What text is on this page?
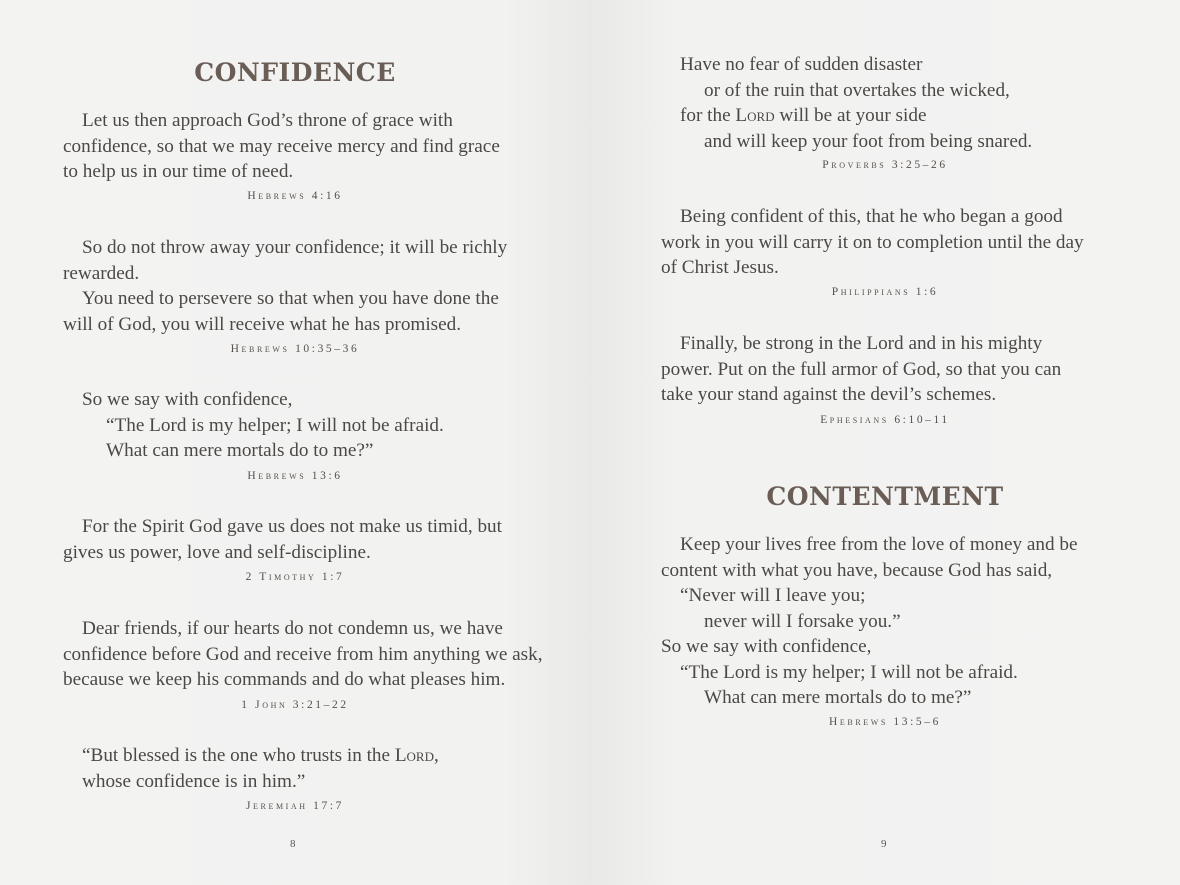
CONFIDENCE
Let us then approach God’s throne of grace with
confidence, so that we may receive mercy and find grace
to help us in our time of need.
Hebrews 4:16
So do not throw away your confidence; it will be richly
rewarded.
You need to persevere so that when you have done the
will of God, you will receive what he has promised.
Hebrews 10:35–36
So we say with confidence,
“The Lord is my helper; I will not be afraid.
What can mere mortals do to me?”
Hebrews 13:6
For the Spirit God gave us does not make us timid, but
gives us power, love and self-discipline.
2 Timothy 1:7
Dear friends, if our hearts do not condemn us, we have
confidence before God and receive from him anything we ask,
because we keep his commands and do what pleases him.
1 John 3:21–22
“But blessed is the one who trusts in the Lord,
whose confidence is in him.”
Jeremiah 17:7
8
Have no fear of sudden disaster
or of the ruin that overtakes the wicked,
for the Lord will be at your side
and will keep your foot from being snared.
Proverbs 3:25–26
Being confident of this, that he who began a good
work in you will carry it on to completion until the day
of Christ Jesus.
Philippians 1:6
Finally, be strong in the Lord and in his mighty
power. Put on the full armor of God, so that you can
take your stand against the devil’s schemes.
Ephesians 6:10–11
CONTENTMENT
Keep your lives free from the love of money and be
content with what you have, because God has said,
“Never will I leave you;
never will I forsake you.”
So we say with confidence,
“The Lord is my helper; I will not be afraid.
What can mere mortals do to me?”
Hebrews 13:5–6
9
